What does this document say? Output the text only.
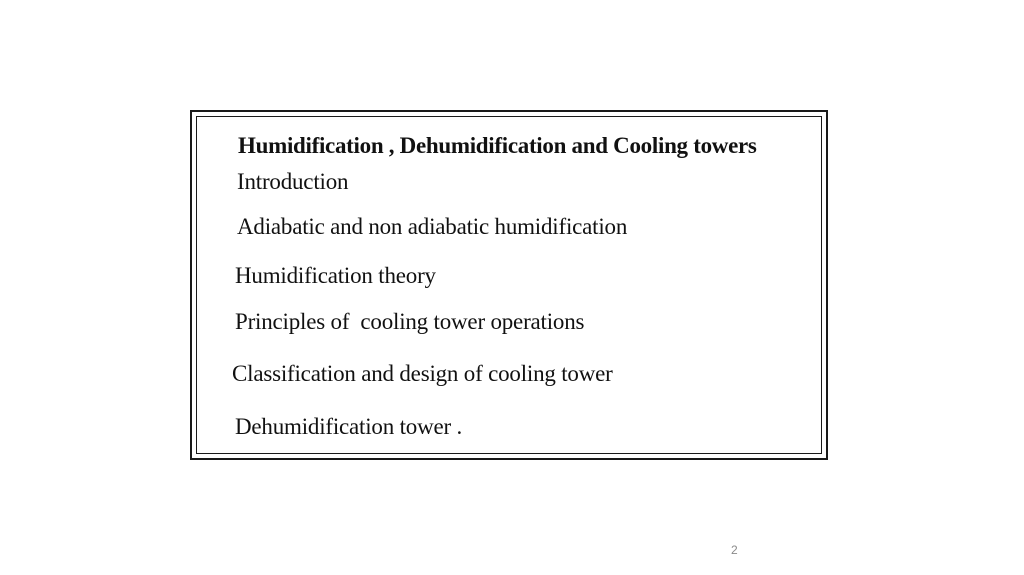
Humidification , Dehumidification and Cooling towers
Introduction
Adiabatic and non adiabatic humidification
Humidification theory
Principles of  cooling tower operations
Classification and design of cooling tower
Dehumidification tower .
2
